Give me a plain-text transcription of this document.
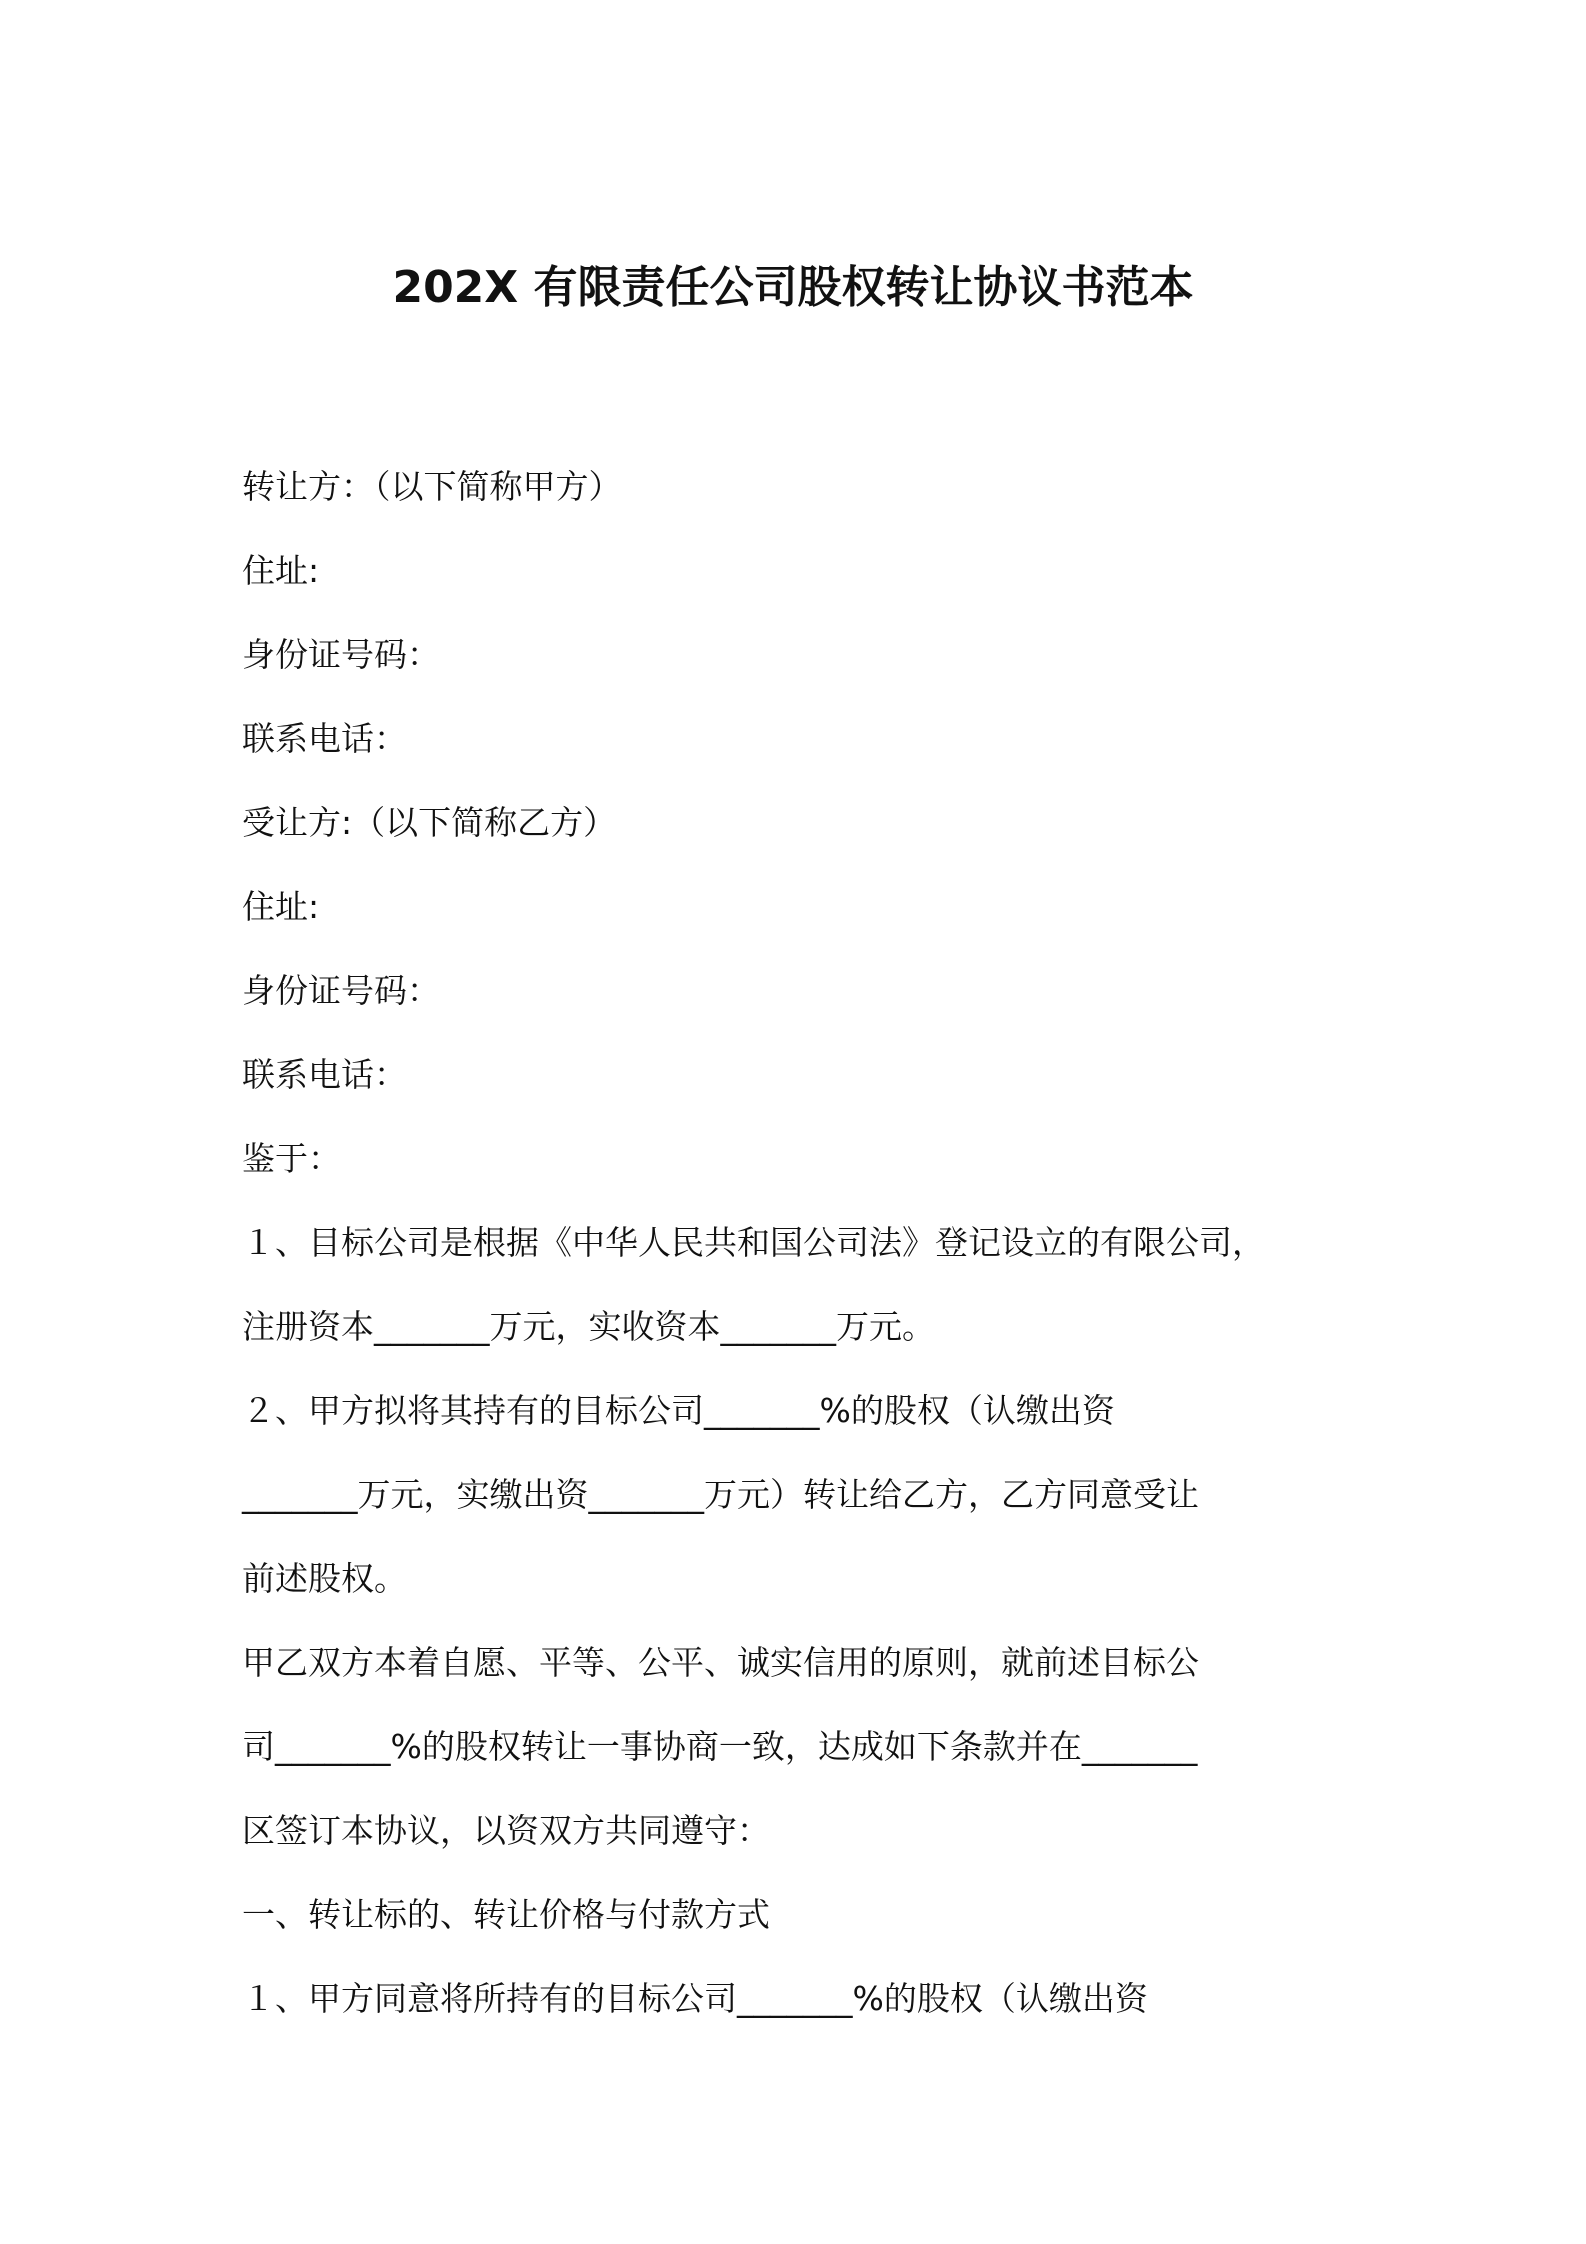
202X 有限责任公司股权转让协议书范本
转让方：（以下简称甲方）
住址:
身份证号码：
联系电话：
受让方:（以下简称乙方）
住址:
身份证号码：
联系电话：
鉴于：
１、目标公司是根据《中华人民共和国公司法》登记设立的有限公司，
注册资本_______万元，实收资本_______万元。
２、甲方拟将其持有的目标公司_______%的股权（认缴出资
_______万元，实缴出资_______万元）转让给乙方，乙方同意受让
前述股权。
甲乙双方本着自愿、平等、公平、诚实信用的原则，就前述目标公
司_______%的股权转让一事协商一致，达成如下条款并在_______
区签订本协议，以资双方共同遵守：
一、转让标的、转让价格与付款方式
１、甲方同意将所持有的目标公司_______%的股权（认缴出资
